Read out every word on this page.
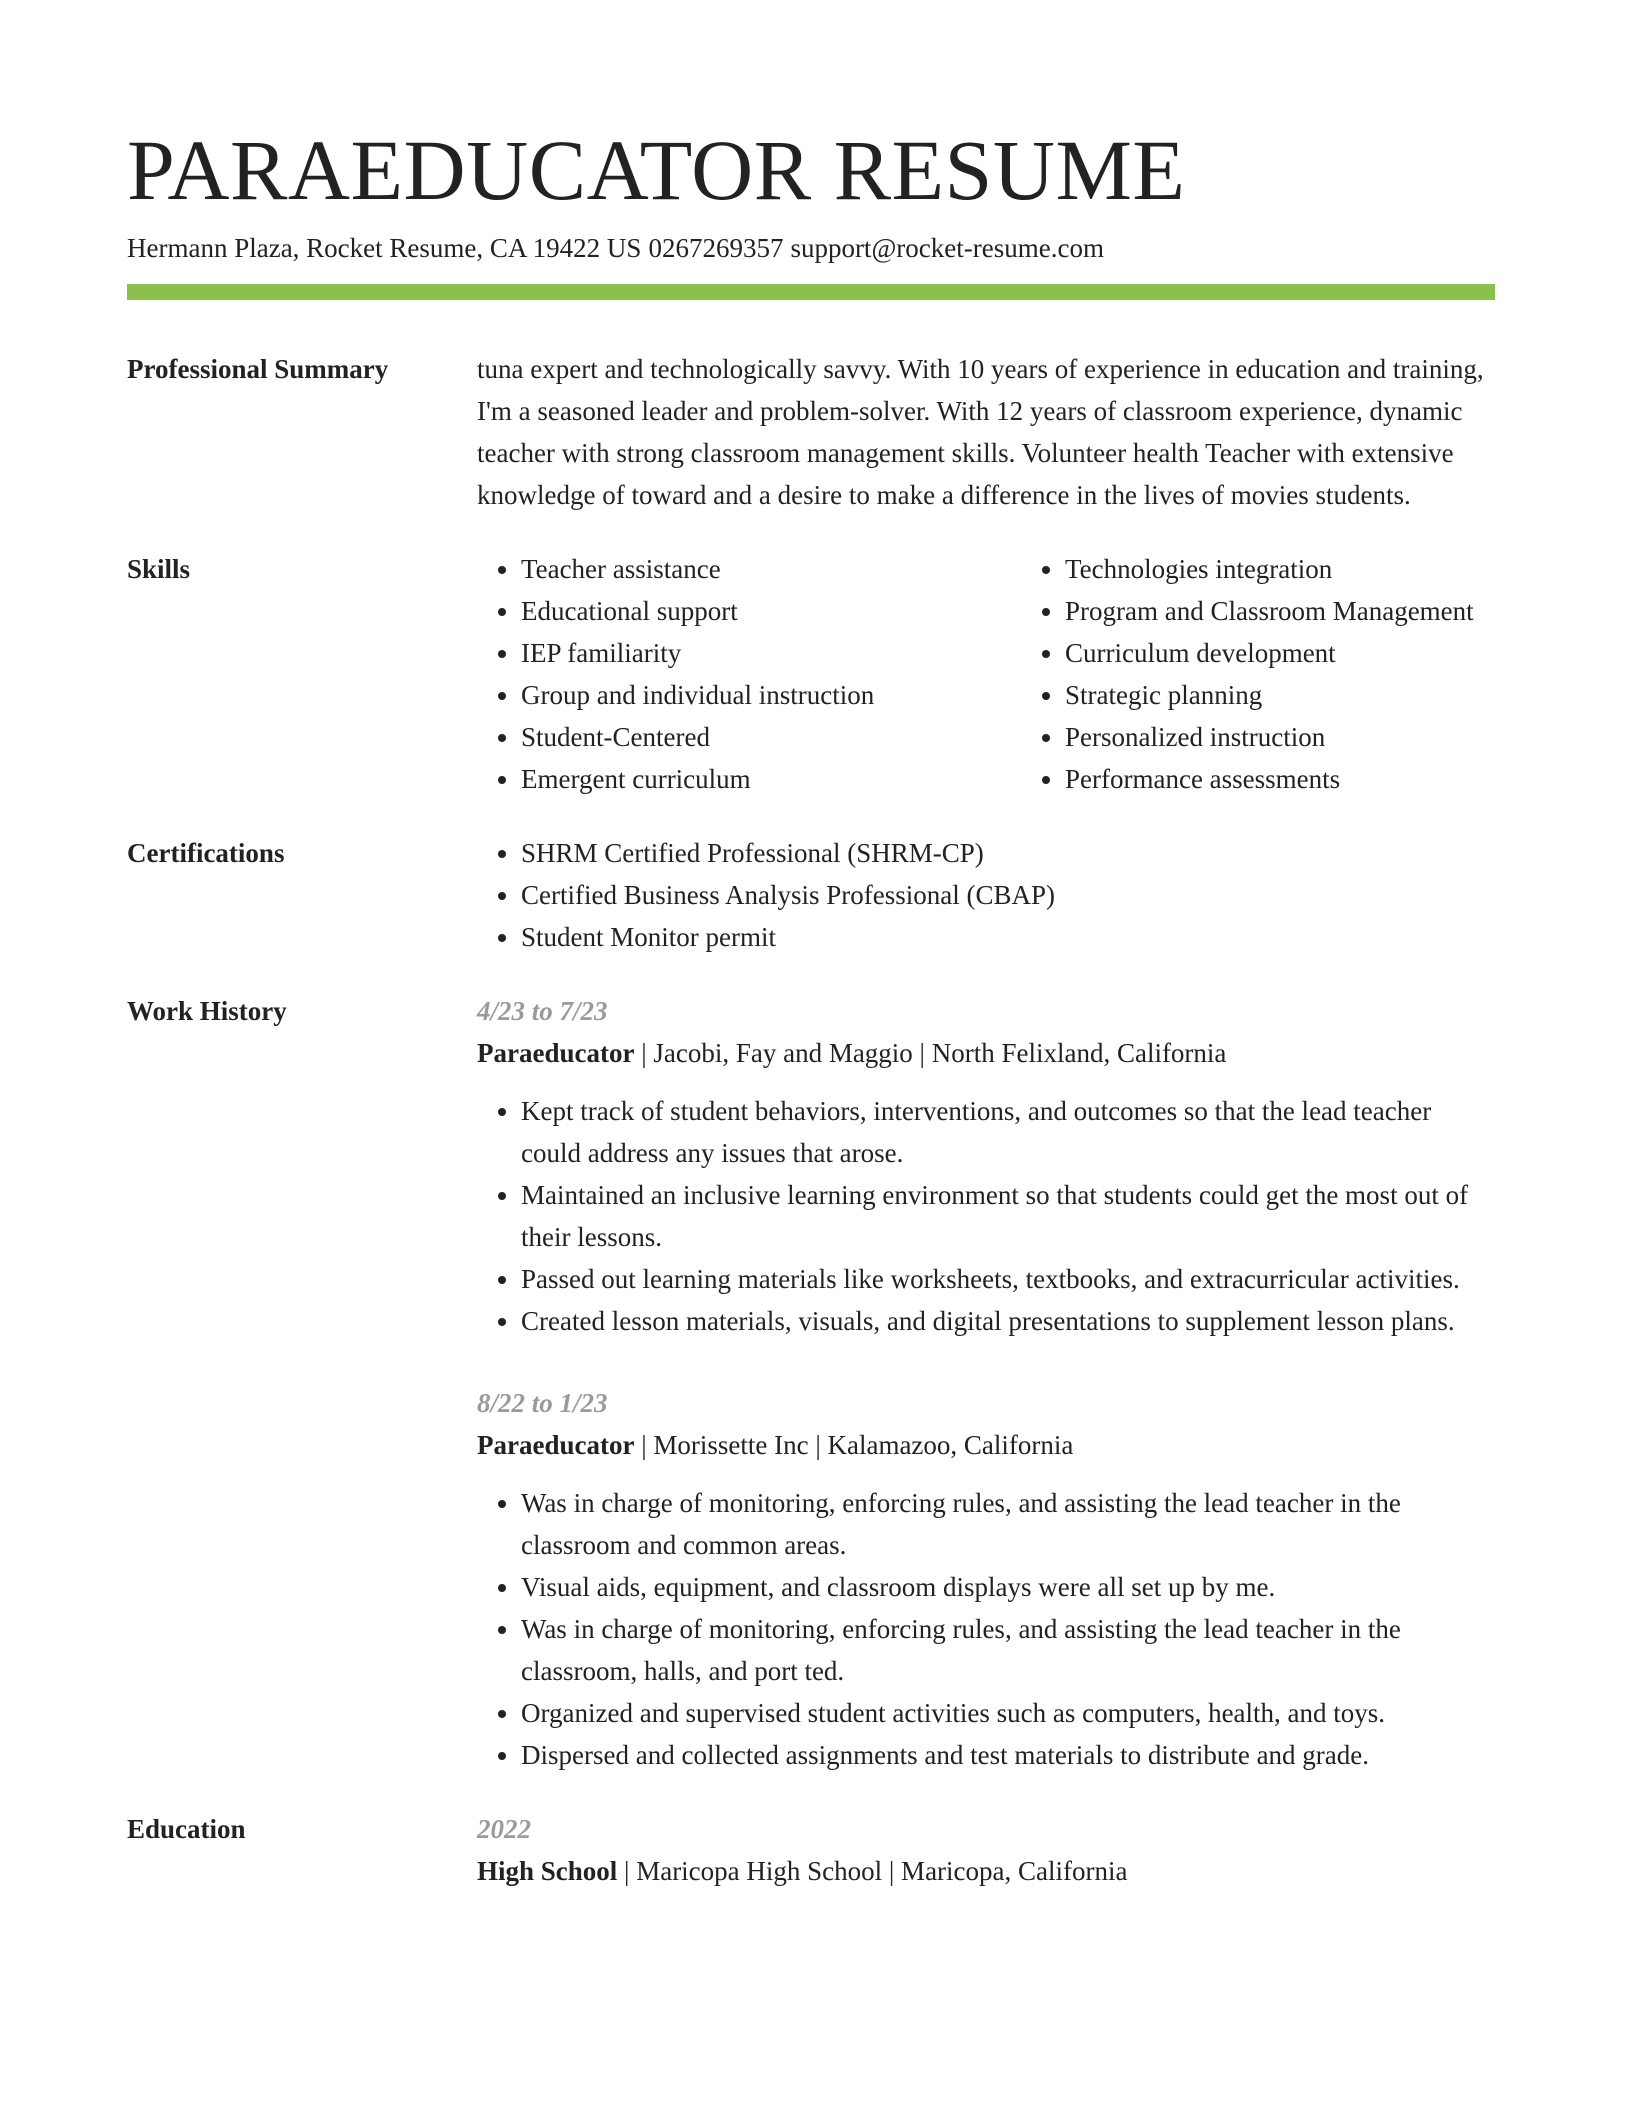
PARAEDUCATOR RESUME

Hermann Plaza, Rocket Resume, CA 19422 US 0267269357 support@rocket-resume.com

Professional Summary	tuna expert and technologically savvy. With 10 years of experience in education and training, I'm a seasoned leader and problem-solver. With 12 years of classroom experience, dynamic teacher with strong classroom management skills. Volunteer health Teacher with extensive knowledge of toward and a desire to make a difference in the lives of movies students.

Skills	• Teacher assistance
• Educational support
• IEP familiarity
• Group and individual instruction
• Student-Centered
• Emergent curriculum
• Technologies integration
• Program and Classroom Management
• Curriculum development
• Strategic planning
• Personalized instruction
• Performance assessments
Certifications	• SHRM Certified Professional (SHRM-CP)
• Certified Business Analysis Professional (CBAP)
• Student Monitor permit
Work History	4/23 to 7/23
Paraeducator | Jacobi, Fay and Maggio | North Felixland, California
• Kept track of student behaviors, interventions, and outcomes so that the lead teacher could address any issues that arose.
• Maintained an inclusive learning environment so that students could get the most out of their lessons.
• Passed out learning materials like worksheets, textbooks, and extracurricular activities.
• Created lesson materials, visuals, and digital presentations to supplement lesson plans.
8/22 to 1/23
Paraeducator | Morissette Inc | Kalamazoo, California
• Was in charge of monitoring, enforcing rules, and assisting the lead teacher in the classroom and common areas.
• Visual aids, equipment, and classroom displays were all set up by me.
• Was in charge of monitoring, enforcing rules, and assisting the lead teacher in the classroom, halls, and port ted.
• Organized and supervised student activities such as computers, health, and toys.
• Dispersed and collected assignments and test materials to distribute and grade.
Education	2022
High School | Maricopa High School | Maricopa, California
